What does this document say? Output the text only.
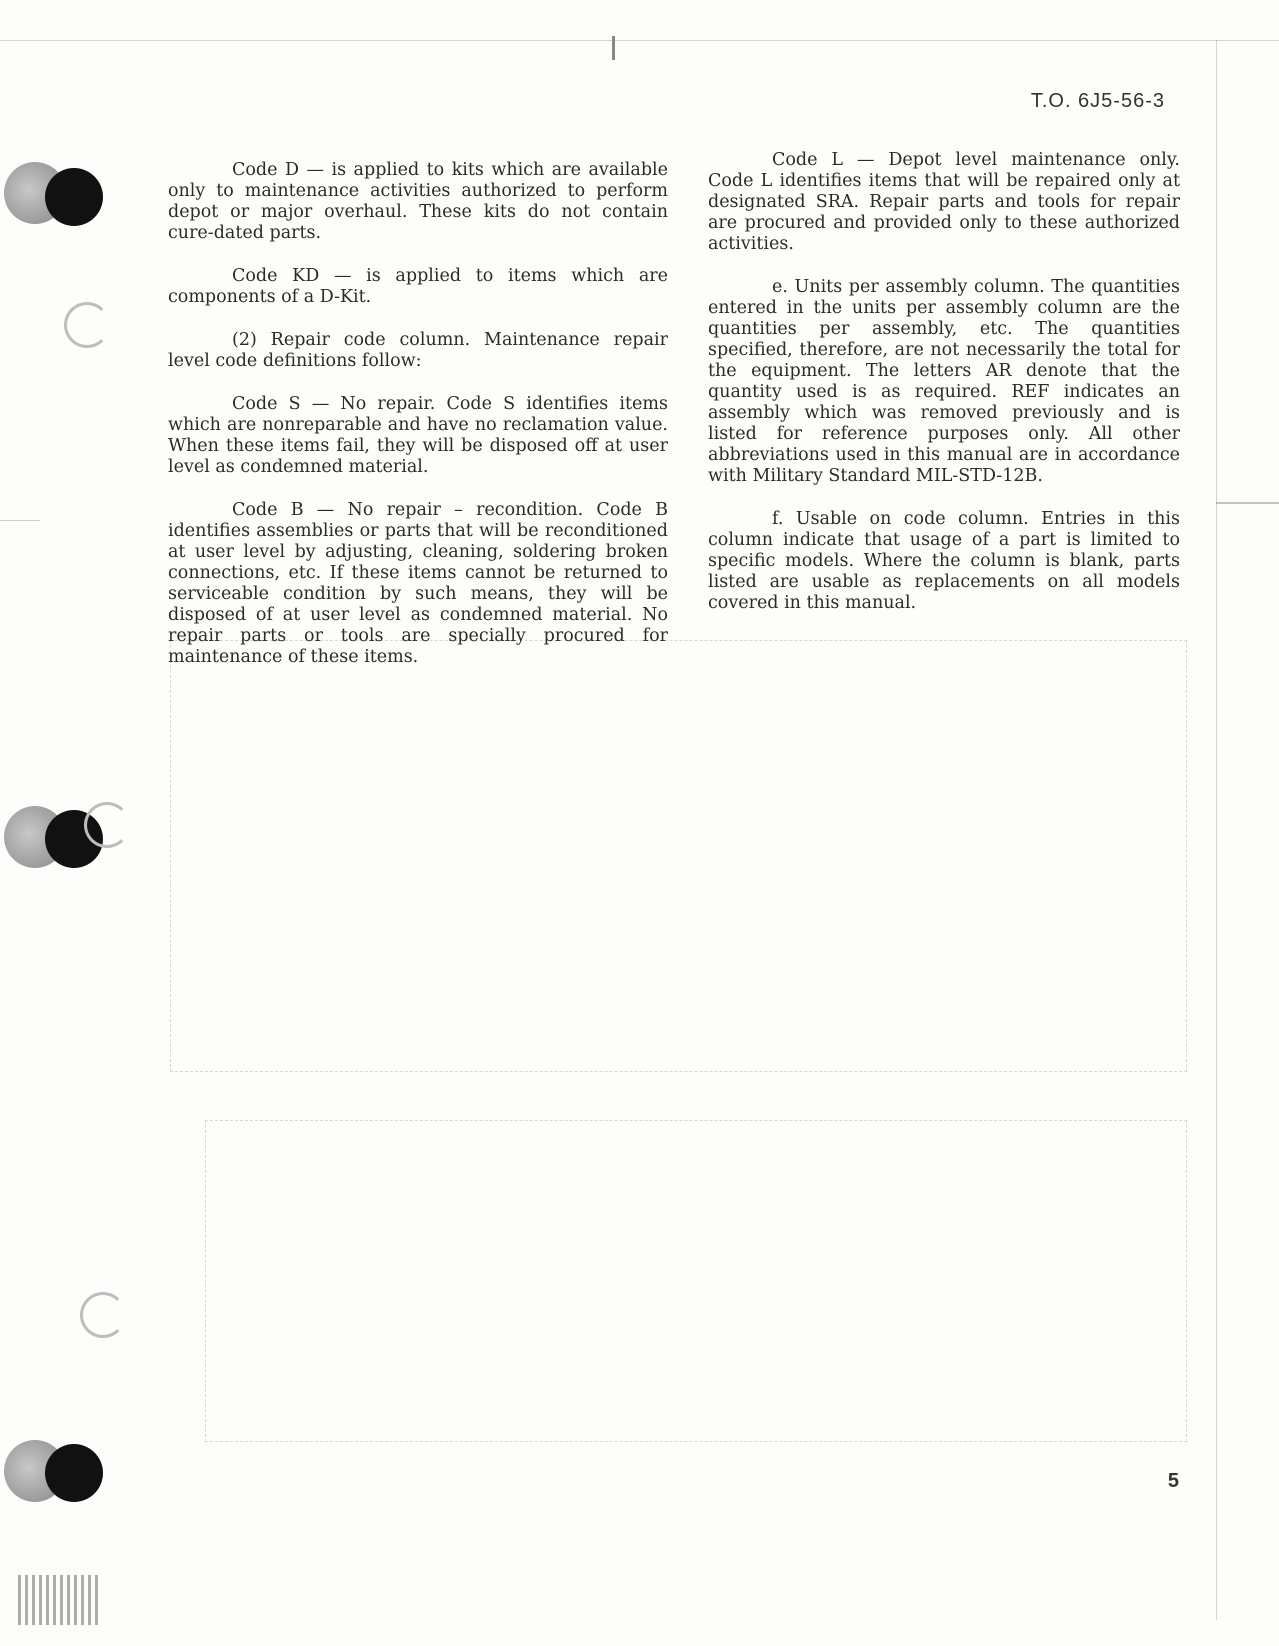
T.O. 6J5-56-3

Code D — is applied to kits which are available only to maintenance activities authorized to perform depot or major overhaul. These kits do not contain cure-dated parts.

Code KD — is applied to items which are components of a D-Kit.

(2) Repair code column. Maintenance repair level code definitions follow:

Code S — No repair. Code S identifies items which are nonreparable and have no reclamation value. When these items fail, they will be disposed off at user level as condemned material.

Code B — No repair – recondition. Code B identifies assemblies or parts that will be reconditioned at user level by adjusting, cleaning, soldering broken connections, etc. If these items cannot be returned to serviceable condition by such means, they will be disposed of at user level as condemned material. No repair parts or tools are specially procured for maintenance of these items.

Code L — Depot level maintenance only. Code L identifies items that will be repaired only at designated SRA. Repair parts and tools for repair are procured and provided only to these authorized activities.

e. Units per assembly column. The quantities entered in the units per assembly column are the quantities per assembly, etc. The quantities specified, therefore, are not necessarily the total for the equipment. The letters AR denote that the quantity used is as required. REF indicates an assembly which was removed previously and is listed for reference purposes only. All other abbreviations used in this manual are in accordance with Military Standard MIL-STD-12B.

f. Usable on code column. Entries in this column indicate that usage of a part is limited to specific models. Where the column is blank, parts listed are usable as replacements on all models covered in this manual.

5
